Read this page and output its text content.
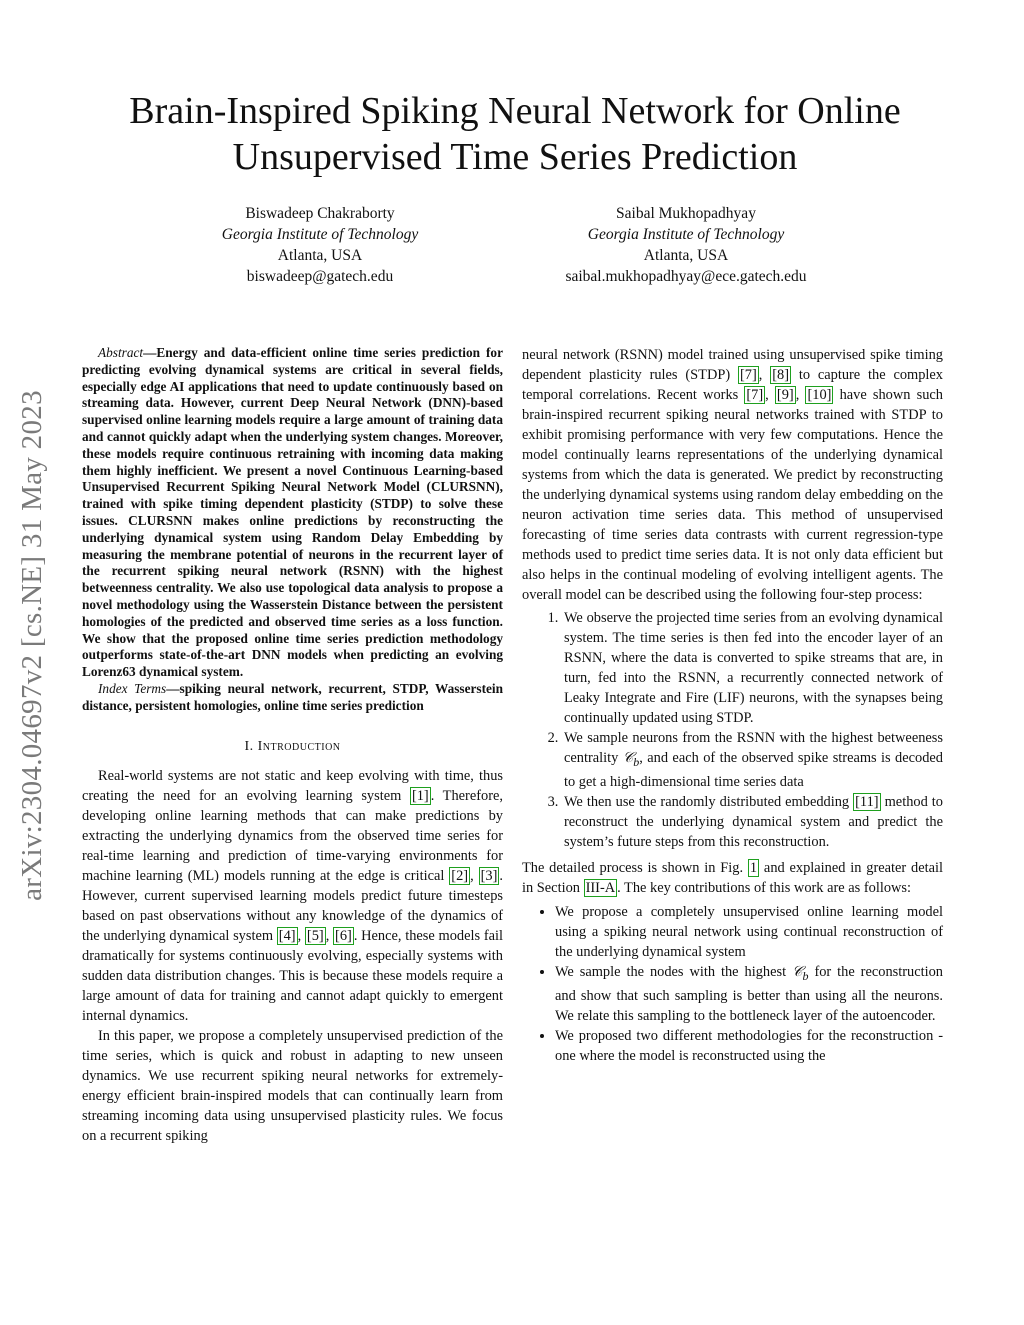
arXiv:2304.04697v2 [cs.NE] 31 May 2023
Brain-Inspired Spiking Neural Network for Online
Unsupervised Time Series Prediction
Biswadeep Chakraborty
Georgia Institute of Technology
Atlanta, USA
biswadeep@gatech.edu
Saibal Mukhopadhyay
Georgia Institute of Technology
Atlanta, USA
saibal.mukhopadhyay@ece.gatech.edu

Abstract—Energy and data-efficient online time series prediction for predicting evolving dynamical systems are critical in several fields, especially edge AI applications that need to update continuously based on streaming data. However, current Deep Neural Network (DNN)-based supervised online learning models require a large amount of training data and cannot quickly adapt when the underlying system changes. Moreover, these models require continuous retraining with incoming data making them highly inefficient. We present a novel Continuous Learning-based Unsupervised Recurrent Spiking Neural Network Model (CLURSNN), trained with spike timing dependent plasticity (STDP) to solve these issues. CLURSNN makes online predictions by reconstructing the underlying dynamical system using Random Delay Embedding by measuring the membrane potential of neurons in the recurrent layer of the recurrent spiking neural network (RSNN) with the highest betweenness centrality. We also use topological data analysis to propose a novel methodology using the Wasserstein Distance between the persistent homologies of the predicted and observed time series as a loss function. We show that the proposed online time series prediction methodology outperforms state-of-the-art DNN models when predicting an evolving Lorenz63 dynamical system.

Index Terms—spiking neural network, recurrent, STDP, Wasserstein distance, persistent homologies, online time series prediction

I. Introduction

Real-world systems are not static and keep evolving with time, thus creating the need for an evolving learning system [1] . Therefore, developing online learning methods that can make predictions by extracting the underlying dynamics from the observed time series for real-time learning and prediction of time-varying environments for machine learning (ML) models running at the edge is critical [2] , [3] . However, current supervised learning models predict future timesteps based on past observations without any knowledge of the dynamics of the underlying dynamical system [4] , [5] , [6] . Hence, these models fail dramatically for systems continuously evolving, especially systems with sudden data distribution changes. This is because these models require a large amount of data for training and cannot adapt quickly to emergent internal dynamics.

In this paper, we propose a completely unsupervised prediction of the time series, which is quick and robust in adapting to new unseen dynamics. We use recurrent spiking neural networks for extremely-energy efficient brain-inspired models that can continually learn from streaming incoming data using unsupervised plasticity rules. We focus on a recurrent spiking

neural network (RSNN) model trained using unsupervised spike timing dependent plasticity rules (STDP) [7] , [8] to capture the complex temporal correlations. Recent works [7] , [9] , [10] have shown such brain-inspired recurrent spiking neural networks trained with STDP to exhibit promising performance with very few computations. Hence the model continually learns representations of the underlying dynamical systems from which the data is generated. We predict by reconstructing the underlying dynamical systems using random delay embedding on the neuron activation time series data. This method of unsupervised forecasting of time series data contrasts with current regression-type methods used to predict time series data. It is not only data efficient but also helps in the continual modeling of evolving intelligent agents. The overall model can be described using the following four-step process:

1. We observe the projected time series from an evolving dynamical system. The time series is then fed into the encoder layer of an RSNN, where the data is converted to spike streams that are, in turn, fed into the RSNN, a recurrently connected network of Leaky Integrate and Fire (LIF) neurons, with the synapses being continually updated using STDP.
2. We sample neurons from the RSNN with the highest betweeness centrality 𝒞$_b$, and each of the observed spike streams is decoded to get a high-dimensional time series data
3. We then use the randomly distributed embedding [11] method to reconstruct the underlying dynamical system and predict the system’s future steps from this reconstruction.

The detailed process is shown in Fig. 1 and explained in greater detail in Section III-A . The key contributions of this work are as follows:

• We propose a completely unsupervised online learning model using a spiking neural network using continual reconstruction of the underlying dynamical system
• We sample the nodes with the highest 𝒞$_b$ for the reconstruction and show that such sampling is better than using all the neurons. We relate this sampling to the bottleneck layer of the autoencoder.
• We proposed two different methodologies for the reconstruction - one where the model is reconstructed using the
